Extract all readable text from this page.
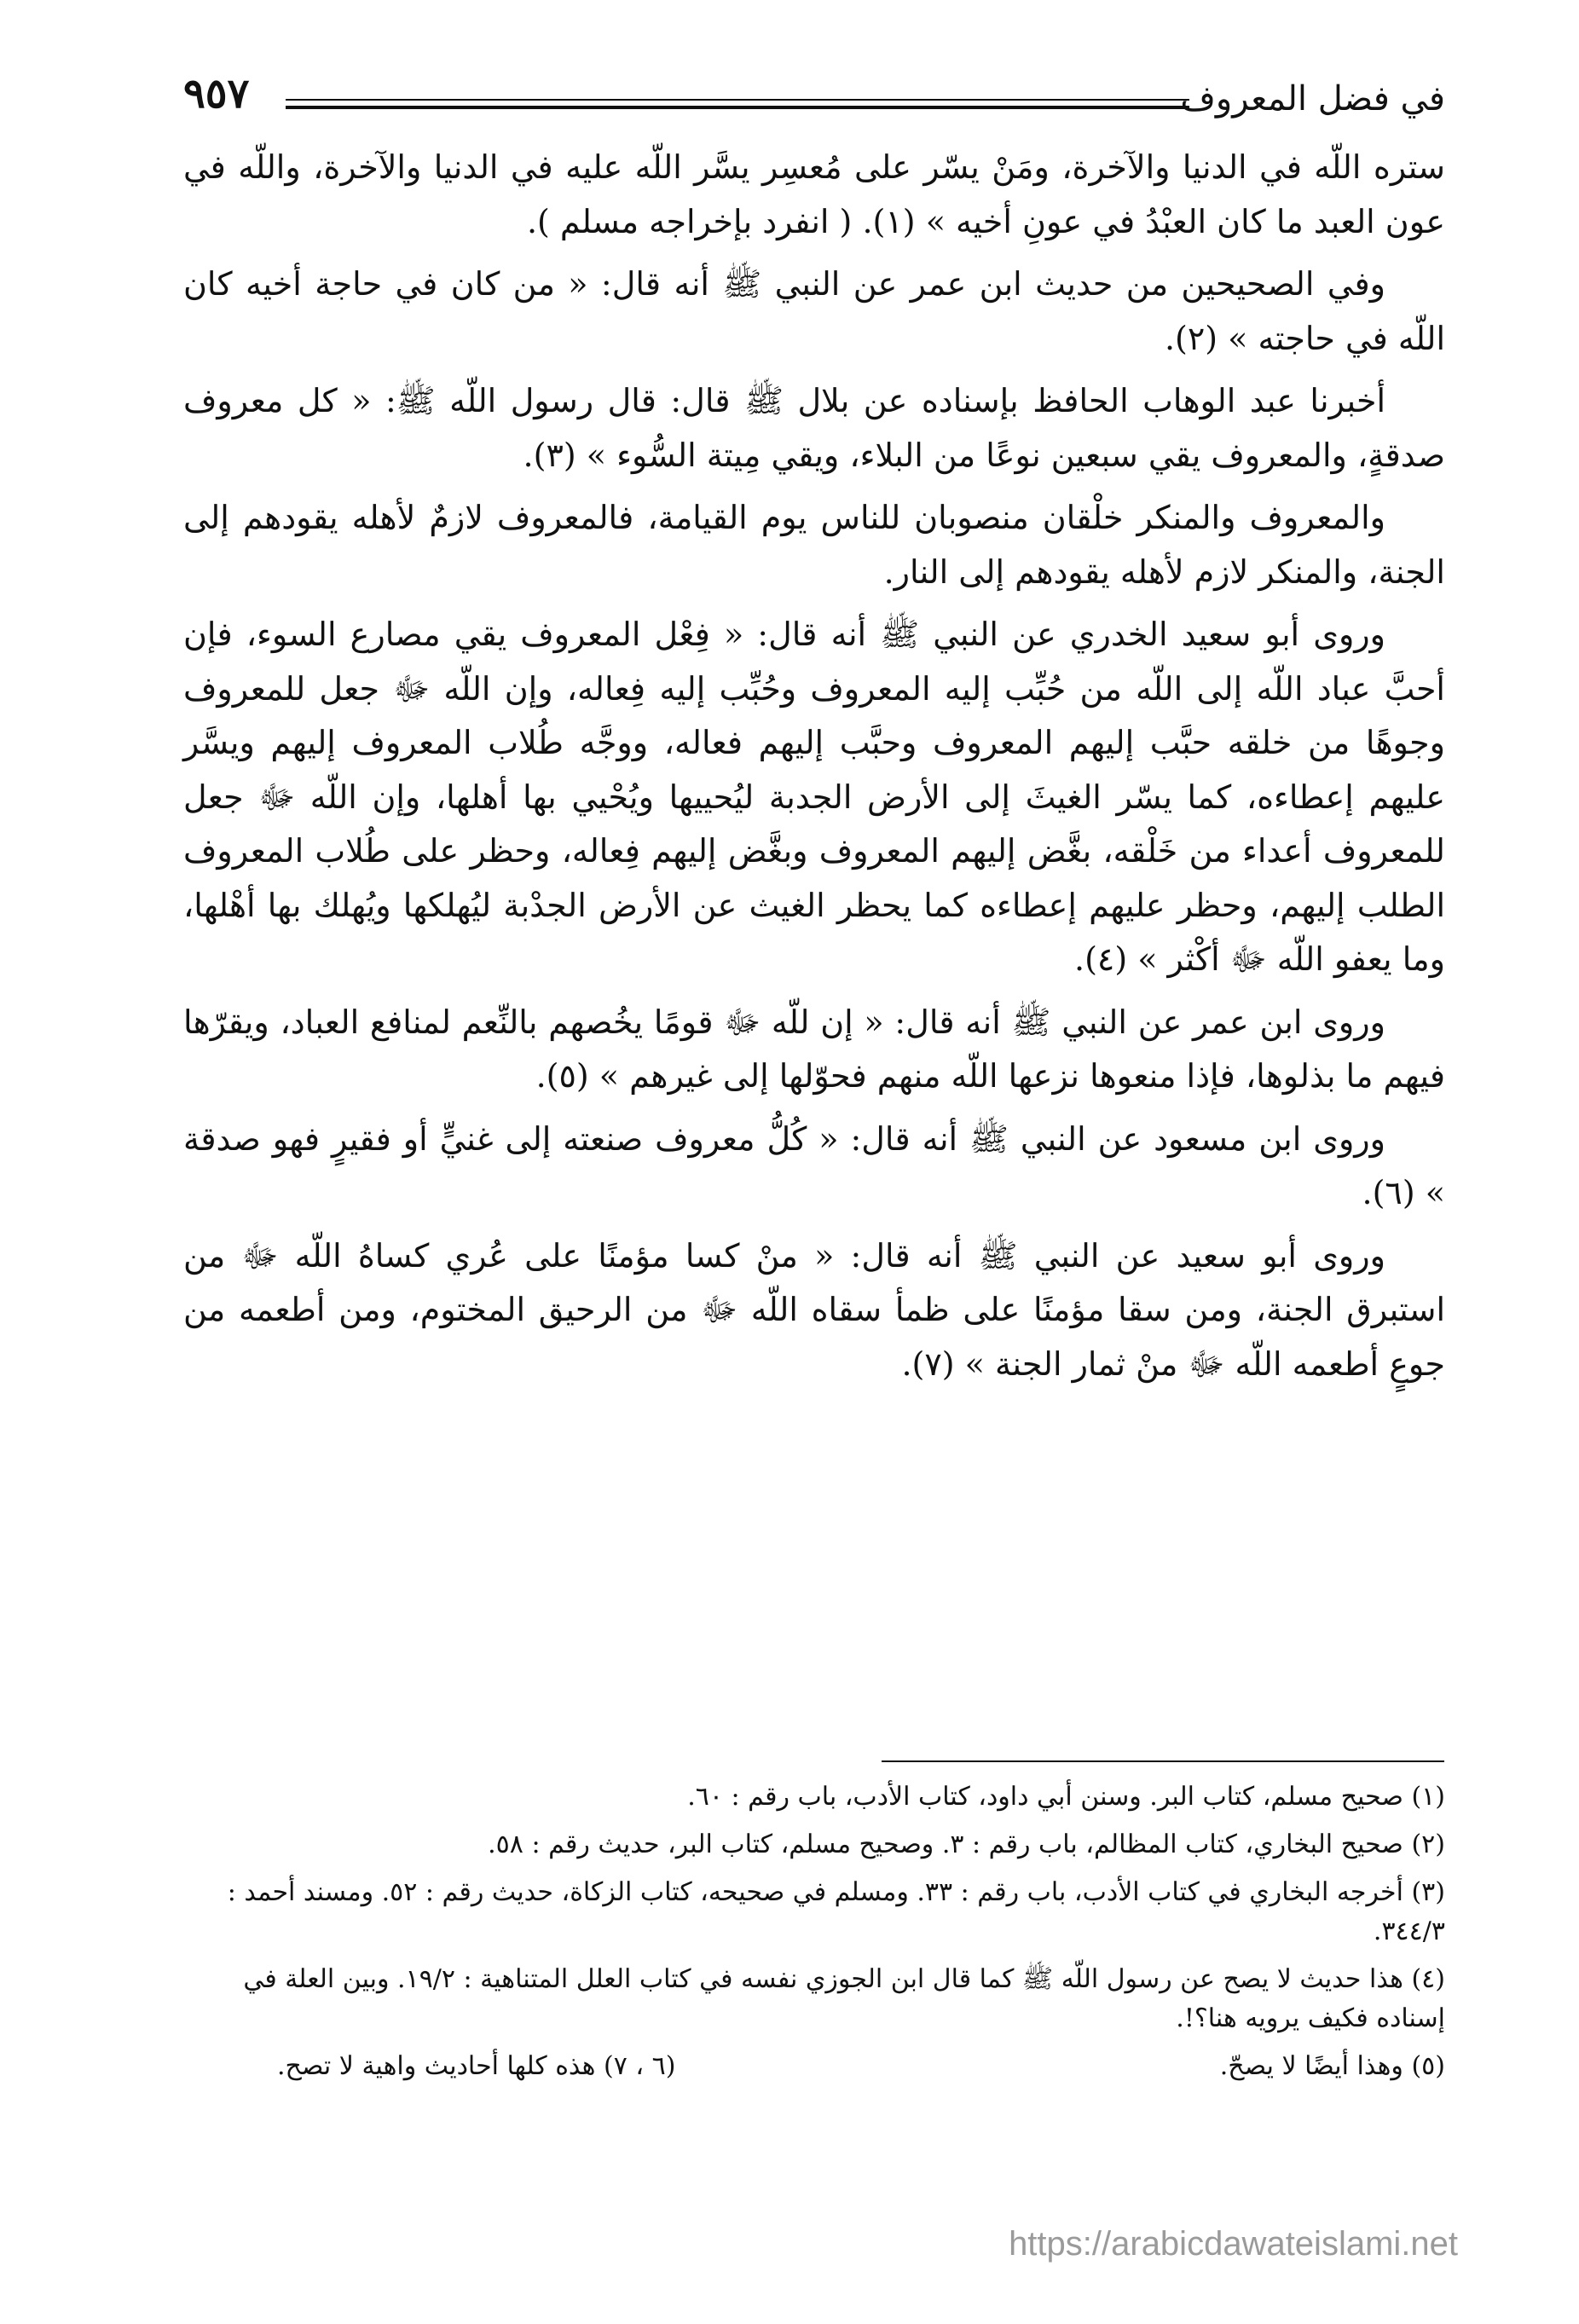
في فضل المعروف
٩٥٧

ستره اللّه في الدنيا والآخرة، ومَنْ يسّر على مُعسِر يسَّر اللّه عليه في الدنيا والآخرة، واللّه في عون العبد ما كان العبْدُ في عونِ أخيه » (١). ( انفرد بإخراجه مسلم ).

وفي الصحيحين من حديث ابن عمر عن النبي ﷺ أنه قال: « من كان في حاجة أخيه كان اللّه في حاجته » (٢).

أخبرنا عبد الوهاب الحافظ بإسناده عن بلال ﷺ قال: قال رسول اللّه ﷺ: « كل معروف صدقةٍ، والمعروف يقي سبعين نوعًا من البلاء، ويقي مِيتة السُّوء » (٣).

والمعروف والمنكر خلْقان منصوبان للناس يوم القيامة، فالمعروف لازمٌ لأهله يقودهم إلى الجنة، والمنكر لازم لأهله يقودهم إلى النار.

وروى أبو سعيد الخدري عن النبي ﷺ أنه قال: « فِعْل المعروف يقي مصارع السوء، فإن أحبَّ عباد اللّه إلى اللّه من حُبِّب إليه المعروف وحُبِّب إليه فِعاله، وإن اللّه ﷻ جعل للمعروف وجوهًا من خلقه حبَّب إليهم المعروف وحبَّب إليهم فعاله، ووجَّه طُلاب المعروف إليهم ويسَّر عليهم إعطاءه، كما يسّر الغيثَ إلى الأرض الجدبة ليُحييها ويُحْيي بها أهلها، وإن اللّه ﷻ جعل للمعروف أعداء من خَلْقه، بغَّض إليهم المعروف وبغَّض إليهم فِعاله، وحظر على طُلاب المعروف الطلب إليهم، وحظر عليهم إعطاءه كما يحظر الغيث عن الأرض الجدْبة ليُهلكها ويُهلك بها أهْلها، وما يعفو اللّه ﷻ أكْثر » (٤).

وروى ابن عمر عن النبي ﷺ أنه قال: « إن للّه ﷻ قومًا يخُصهم بالنِّعم لمنافع العباد، ويقرّها فيهم ما بذلوها، فإذا منعوها نزعها اللّه منهم فحوّلها إلى غيرهم » (٥).

وروى ابن مسعود عن النبي ﷺ أنه قال: « كُلُّ معروف صنعته إلى غنيٍّ أو فقيرٍ فهو صدقة » (٦).

وروى أبو سعيد عن النبي ﷺ أنه قال: « منْ كسا مؤمنًا على عُري كساهُ اللّه ﷻ من استبرق الجنة، ومن سقا مؤمنًا على ظمأ سقاه اللّه ﷻ من الرحيق المختوم، ومن أطعمه من جوعٍ أطعمه اللّه ﷻ منْ ثمار الجنة » (٧).

(١) صحيح مسلم، كتاب البر. وسنن أبي داود، كتاب الأدب، باب رقم : ٦٠.

(٢) صحيح البخاري، كتاب المظالم، باب رقم : ٣. وصحيح مسلم، كتاب البر، حديث رقم : ٥٨.

(٣) أخرجه البخاري في كتاب الأدب، باب رقم : ٣٣. ومسلم في صحيحه، كتاب الزكاة، حديث رقم : ٥٢. ومسند أحمد : ٣٤٤/٣.

(٤) هذا حديث لا يصح عن رسول اللّه ﷺ كما قال ابن الجوزي نفسه في كتاب العلل المتناهية : ١٩/٢. وبين العلة في إسناده فكيف يرويه هنا؟!.

(٥) وهذا أيضًا لا يصحّ.
(٦ ، ٧) هذه كلها أحاديث واهية لا تصح.
https://arabicdawateislami.net
